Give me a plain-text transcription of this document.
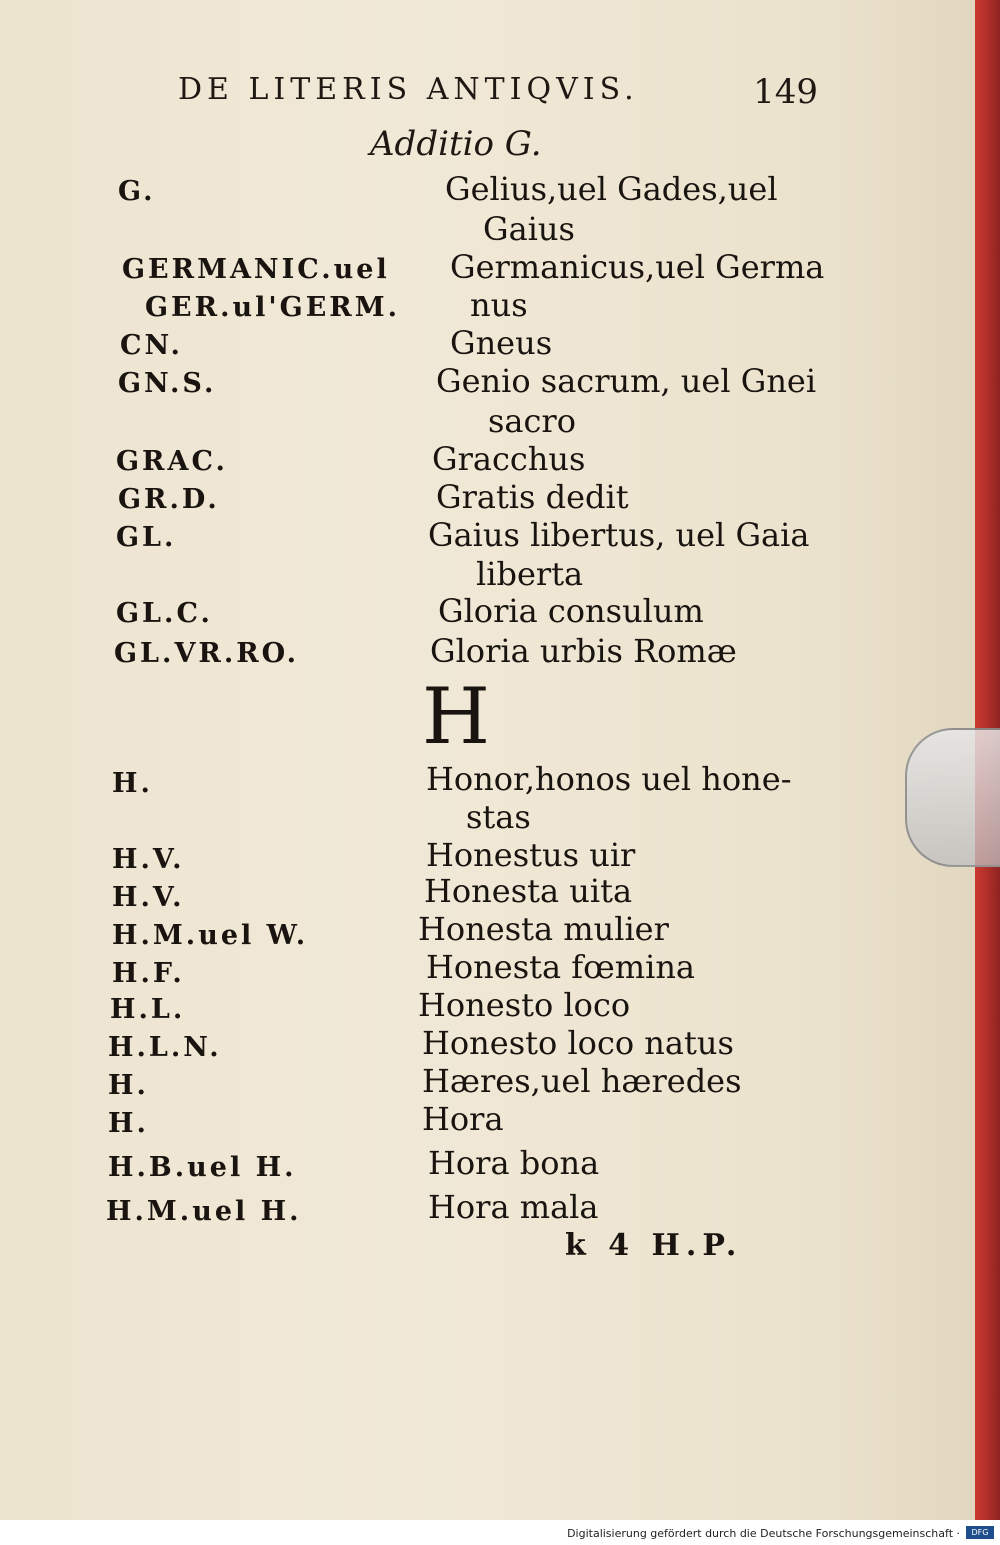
DE LITERIS ANTIQVIS.	149
Additio G.
G.	Gelius,uel Gades,uel
Gaius
GERMANIC.uel Germanicus,uel Germa
GER.ul'GERM. nus
CN.	Gneus
GN.S.	Genio sacrum, uel Gnei
sacro
GRAC.	Gracchus
GR.D.	Gratis dedit
GL.	Gaius libertus, uel Gaia
liberta
GL.C.	Gloria consulum
GL.VR.RO.	Gloria urbis Romæ
H
H.	Honor,honos uel hone-
stas
H.V.	Honestus uir
H.V.	Honesta uita
H.M.uel W.	Honesta mulier
H.F.	Honesta fœmina
H.L.	Honesto loco
H.L.N.	Honesto loco natus
H.	Hæres,uel hæredes
H.	Hora
H.B.uel H.	Hora bona
H.M.uel H.	Hora mala
k 4 H.P.
Digitalisierung gefördert durch die Deutsche Forschungsgemeinschaft ·	DFG
